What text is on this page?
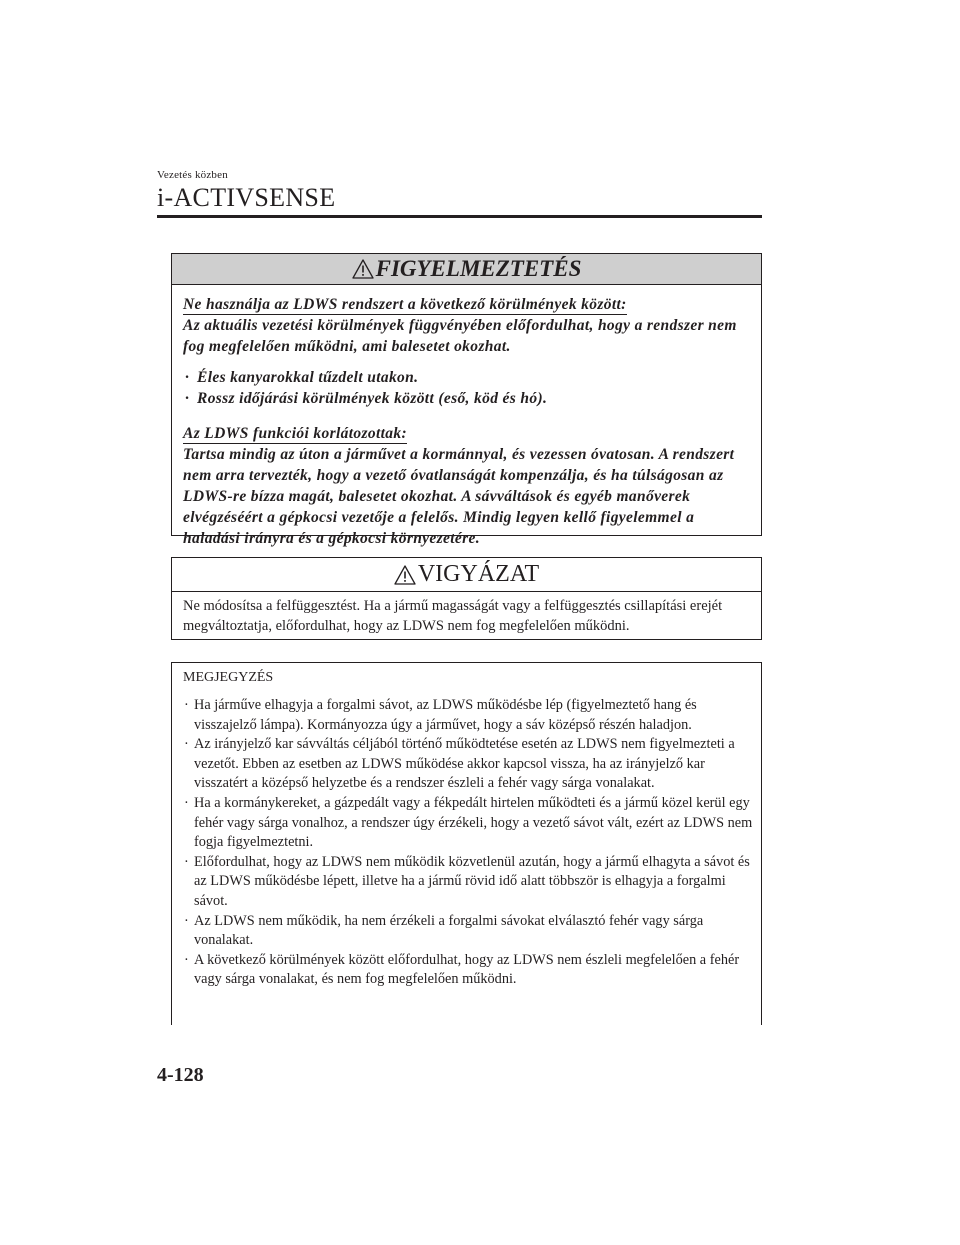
Vezetés közben
i-ACTIVSENSE
FIGYELMEZTETÉS
Ne használja az LDWS rendszert a következő körülmények között:
Az aktuális vezetési körülmények függvényében előfordulhat, hogy a rendszer nem fog megfelelően működni, ami balesetet okozhat.
· Éles kanyarokkal tűzdelt utakon.
· Rossz időjárási körülmények között (eső, köd és hó).
Az LDWS funkciói korlátozottak:
Tartsa mindig az úton a járművet a kormánnyal, és vezessen óvatosan. A rendszert nem arra tervezték, hogy a vezető óvatlanságát kompenzálja, és ha túlságosan az LDWS-re bízza magát, balesetet okozhat. A sávváltások és egyéb manőverek elvégzéséért a gépkocsi vezetője a felelős. Mindig legyen kellő figyelemmel a haladási irányra és a gépkocsi környezetére.
VIGYÁZAT
Ne módosítsa a felfüggesztést. Ha a jármű magasságát vagy a felfüggesztés csillapítási erejét megváltoztatja, előfordulhat, hogy az LDWS nem fog megfelelően működni.
MEGJEGYZÉS
· Ha járműve elhagyja a forgalmi sávot, az LDWS működésbe lép (figyelmeztető hang és visszajelző lámpa). Kormányozza úgy a járművet, hogy a sáv középső részén haladjon.
· Az irányjelző kar sávváltás céljából történő működtetése esetén az LDWS nem figyelmezteti a vezetőt. Ebben az esetben az LDWS működése akkor kapcsol vissza, ha az irányjelző kar visszatért a középső helyzetbe és a rendszer észleli a fehér vagy sárga vonalakat.
· Ha a kormánykereket, a gázpedált vagy a fékpedált hirtelen működteti és a jármű közel kerül egy fehér vagy sárga vonalhoz, a rendszer úgy érzékeli, hogy a vezető sávot vált, ezért az LDWS nem fogja figyelmeztetni.
· Előfordulhat, hogy az LDWS nem működik közvetlenül azután, hogy a jármű elhagyta a sávot és az LDWS működésbe lépett, illetve ha a jármű rövid idő alatt többször is elhagyja a forgalmi sávot.
· Az LDWS nem működik, ha nem érzékeli a forgalmi sávokat elválasztó fehér vagy sárga vonalakat.
· A következő körülmények között előfordulhat, hogy az LDWS nem észleli megfelelően a fehér vagy sárga vonalakat, és nem fog megfelelően működni.
4-128
